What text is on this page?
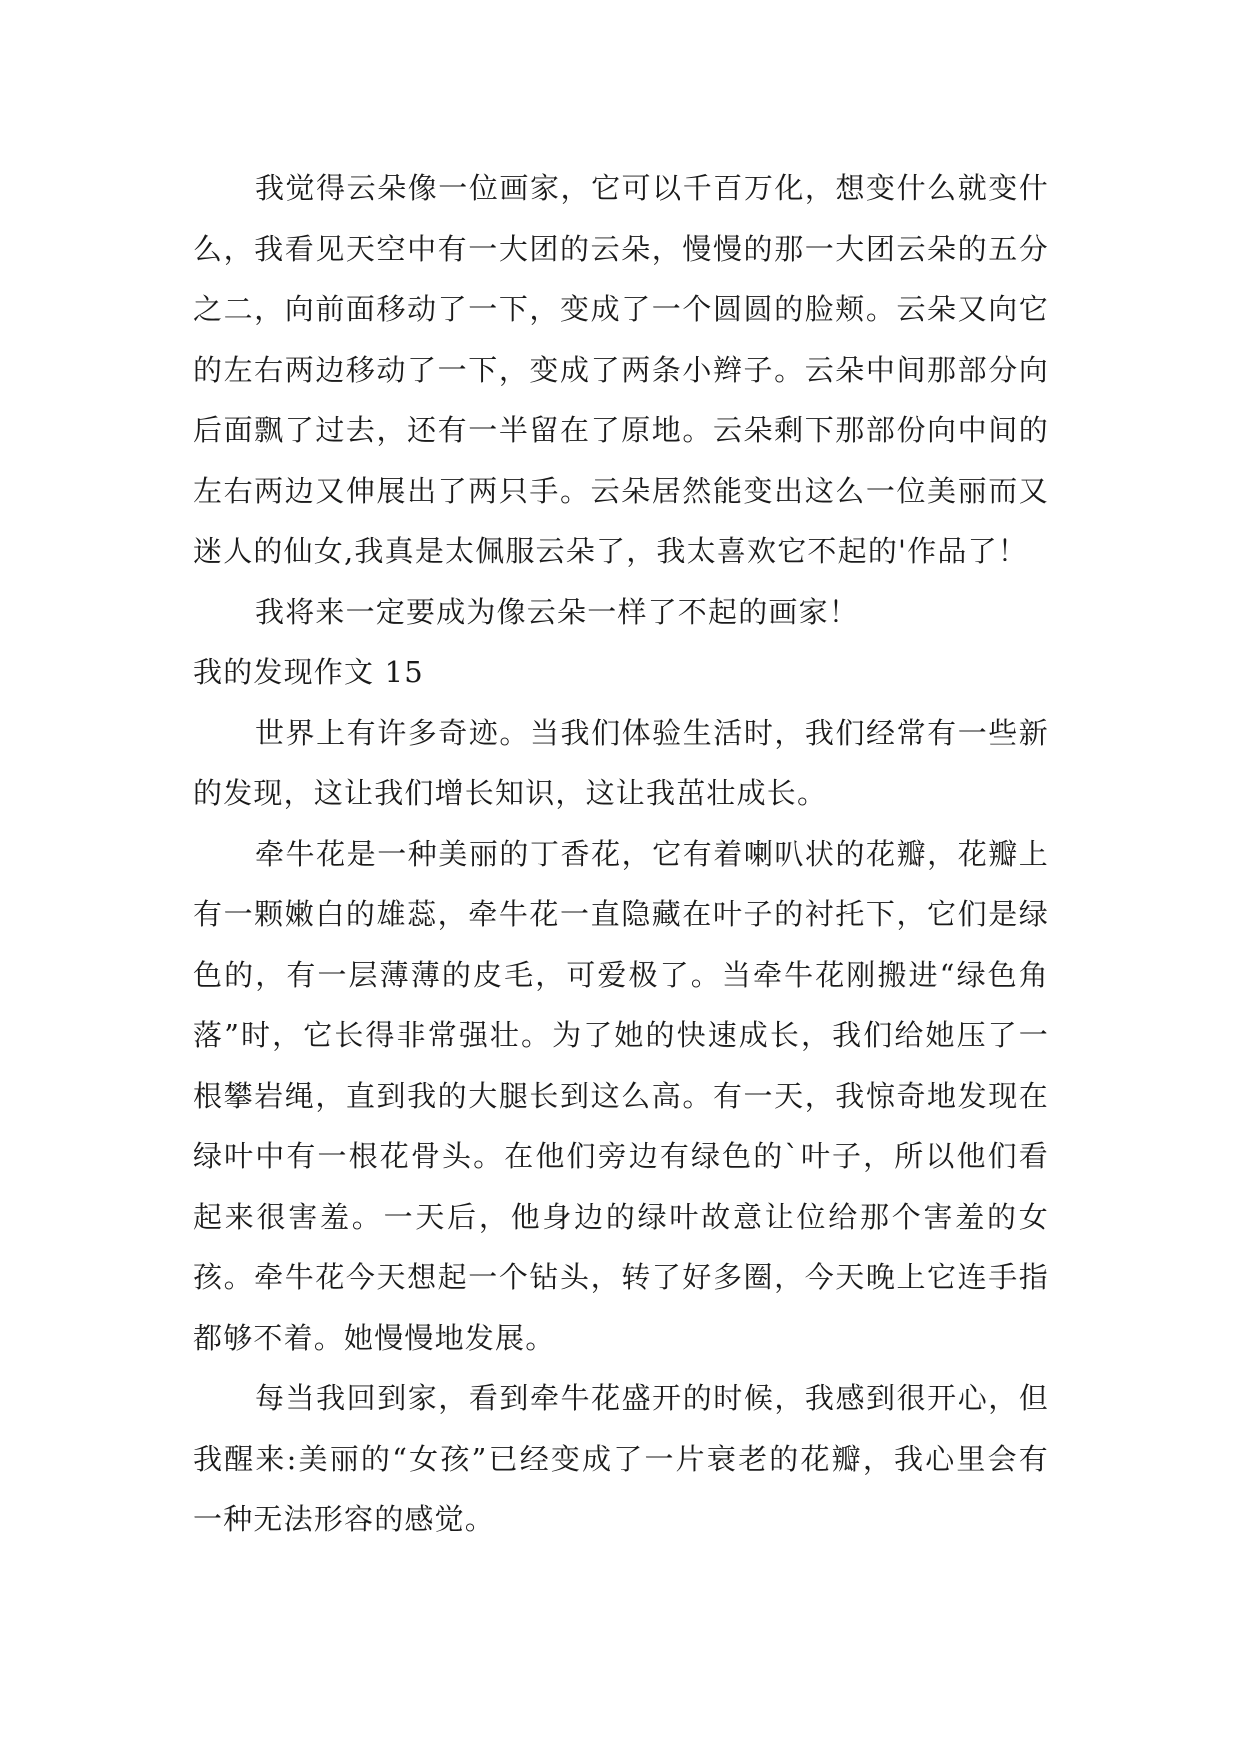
我觉得云朵像一位画家，它可以千百万化，想变什么就变什么，我看见天空中有一大团的云朵，慢慢的那一大团云朵的五分之二，向前面移动了一下，变成了一个圆圆的脸颊。云朵又向它的左右两边移动了一下，变成了两条小辫子。云朵中间那部分向后面飘了过去，还有一半留在了原地。云朵剩下那部份向中间的左右两边又伸展出了两只手。云朵居然能变出这么一位美丽而又迷人的仙女,我真是太佩服云朵了，我太喜欢它不起的'作品了！

我将来一定要成为像云朵一样了不起的画家！

我的发现作文 15

世界上有许多奇迹。当我们体验生活时，我们经常有一些新的发现，这让我们增长知识，这让我茁壮成长。

牵牛花是一种美丽的丁香花，它有着喇叭状的花瓣，花瓣上有一颗嫩白的雄蕊，牵牛花一直隐藏在叶子的衬托下，它们是绿色的，有一层薄薄的皮毛，可爱极了。当牵牛花刚搬进“绿色角落”时，它长得非常强壮。为了她的快速成长，我们给她压了一根攀岩绳，直到我的大腿长到这么高。有一天，我惊奇地发现在绿叶中有一根花骨头。在他们旁边有绿色的`叶子，所以他们看起来很害羞。一天后，他身边的绿叶故意让位给那个害羞的女孩。牵牛花今天想起一个钻头，转了好多圈，今天晚上它连手指都够不着。她慢慢地发展。

每当我回到家，看到牵牛花盛开的时候，我感到很开心，但我醒来:美丽的“女孩”已经变成了一片衰老的花瓣，我心里会有一种无法形容的感觉。
